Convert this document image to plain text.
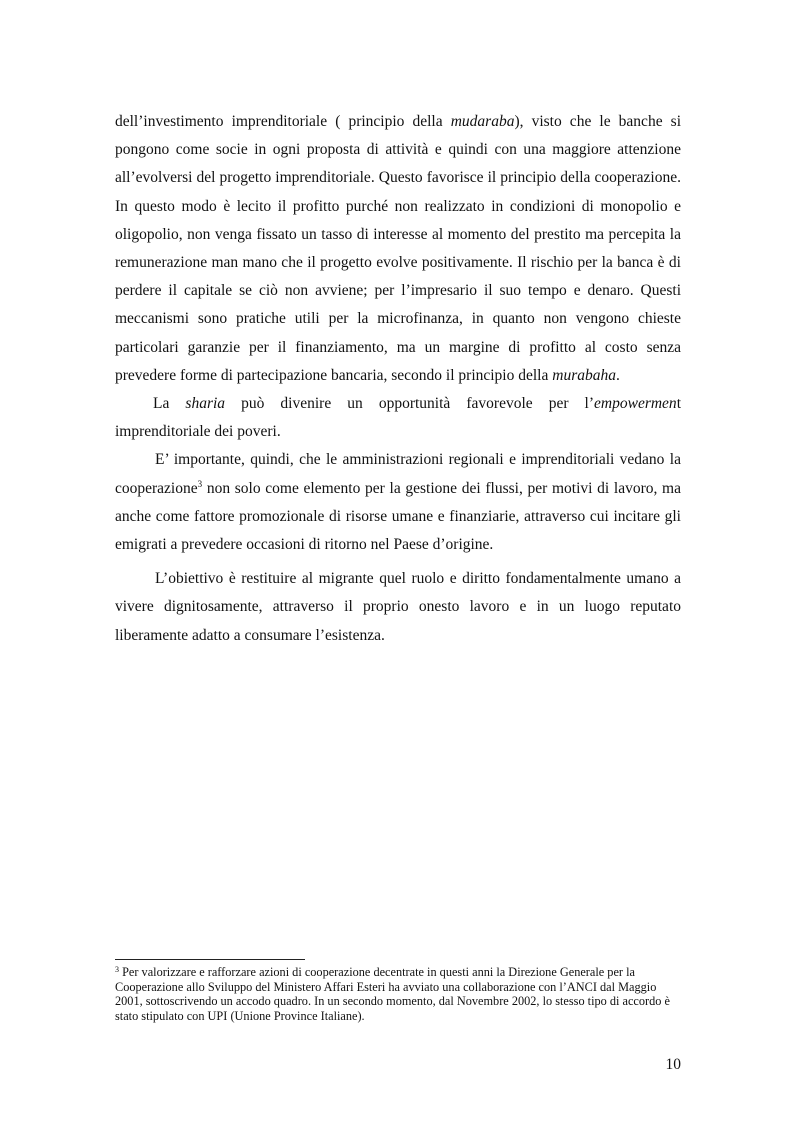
dell’investimento imprenditoriale ( principio della mudaraba), visto che le banche si pongono come socie in ogni proposta di attività e quindi con una maggiore attenzione all’evolversi del progetto imprenditoriale. Questo favorisce il principio della cooperazione. In questo modo è lecito il profitto purché non realizzato in condizioni di monopolio e oligopolio, non venga fissato un tasso di interesse al momento del prestito ma percepita la remunerazione man mano che il progetto evolve positivamente. Il rischio per la banca è di perdere il capitale se ciò non avviene; per l’impresario il suo tempo e denaro. Questi meccanismi sono pratiche utili per la microfinanza, in quanto non vengono chieste particolari garanzie per il finanziamento, ma un margine di profitto al costo senza prevedere forme di partecipazione bancaria, secondo il principio della murabaha.

La sharia può divenire un opportunità favorevole per l’empowerment imprenditoriale dei poveri.

E’ importante, quindi, che le amministrazioni regionali e imprenditoriali vedano la cooperazione$^3$ non solo come elemento per la gestione dei flussi, per motivi di lavoro, ma anche come fattore promozionale di risorse umane e finanziarie, attraverso cui incitare gli emigrati a prevedere occasioni di ritorno nel Paese d’origine.

L’obiettivo è restituire al migrante quel ruolo e diritto fondamentalmente umano a vivere dignitosamente, attraverso il proprio onesto lavoro e in un luogo reputato liberamente adatto a consumare l’esistenza.

$^3$ Per valorizzare e rafforzare azioni di cooperazione decentrate in questi anni la Direzione Generale per la Cooperazione allo Sviluppo del Ministero Affari Esteri ha avviato una collaborazione con l’ANCI dal Maggio 2001, sottoscrivendo un accodo quadro. In un secondo momento, dal Novembre 2002, lo stesso tipo di accordo è stato stipulato con UPI (Unione Province Italiane).

10
